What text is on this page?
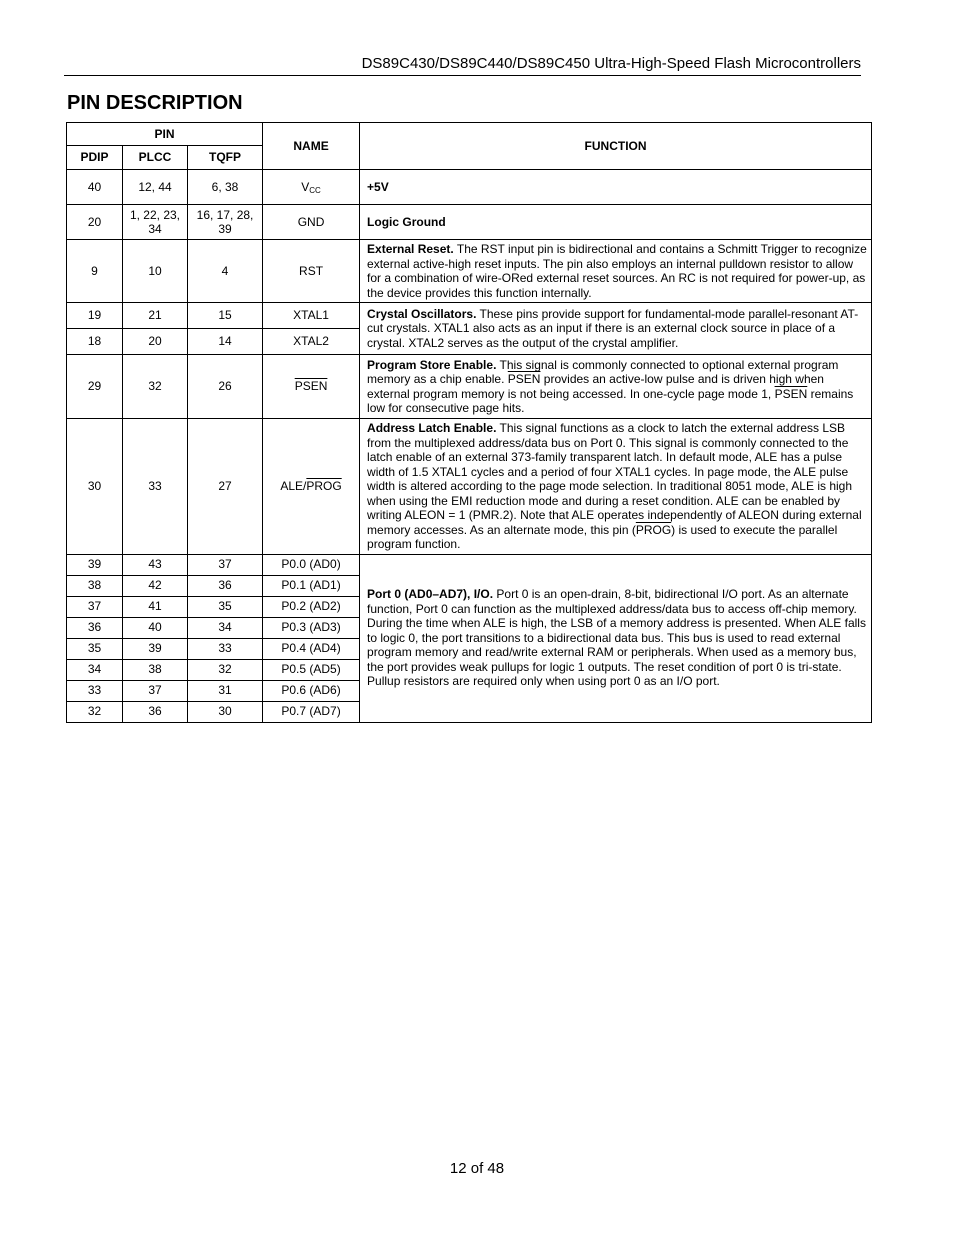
DS89C430/DS89C440/DS89C450 Ultra-High-Speed Flash Microcontrollers
PIN DESCRIPTION
PIN			NAME	FUNCTION
PDIP	PLCC	TQFP		
40	12, 44	6, 38	$V_{CC}$	+5V
20	1, 22, 23, 34	16, 17, 28, 39	GND	Logic Ground
9	10	4	RST	External Reset. The RST input pin is bidirectional and contains a Schmitt Trigger to recognize external active-high reset inputs. The pin also employs an internal pulldown resistor to allow for a combination of wire-ORed external reset sources. An RC is not required for power-up, as the device provides this function internally.
19	21	15	XTAL1	Crystal Oscillators. These pins provide support for fundamental-mode parallel-resonant AT-cut crystals. XTAL1 also acts as an input if there is an external clock source in place of a crystal. XTAL2 serves as the output of the crystal amplifier.
18	20	14	XTAL2	
29	32	26	PSEN	Program Store Enable. This signal is commonly connected to optional external program memory as a chip enable. PSEN provides an active-low pulse and is driven high when external program memory is not being accessed. In one-cycle page mode 1, PSEN remains low for consecutive page hits.
30	33	27	ALE/PROG	Address Latch Enable. This signal functions as a clock to latch the external address LSB from the multiplexed address/data bus on Port 0. This signal is commonly connected to the latch enable of an external 373-family transparent latch. In default mode, ALE has a pulse width of 1.5 XTAL1 cycles and a period of four XTAL1 cycles. In page mode, the ALE pulse width is altered according to the page mode selection. In traditional 8051 mode, ALE is high when using the EMI reduction mode and during a reset condition. ALE can be enabled by writing ALEON = 1 (PMR.2). Note that ALE operates independently of ALEON during external memory accesses. As an alternate mode, this pin (PROG) is used to execute the parallel program function.
39	43	37	P0.0 (AD0)	Port 0 (AD0–AD7), I/O. Port 0 is an open-drain, 8-bit, bidirectional I/O port. As an alternate function, Port 0 can function as the multiplexed address/data bus to access off-chip memory. During the time when ALE is high, the LSB of a memory address is presented. When ALE falls to logic 0, the port transitions to a bidirectional data bus. This bus is used to read external program memory and read/write external RAM or peripherals. When used as a memory bus, the port provides weak pullups for logic 1 outputs. The reset condition of port 0 is tri-state. Pullup resistors are required only when using port 0 as an I/O port.
38	42	36	P0.1 (AD1)	
37	41	35	P0.2 (AD2)	
36	40	34	P0.3 (AD3)	
35	39	33	P0.4 (AD4)	
34	38	32	P0.5 (AD5)	
33	37	31	P0.6 (AD6)	
32	36	30	P0.7 (AD7)	
12 of 48
